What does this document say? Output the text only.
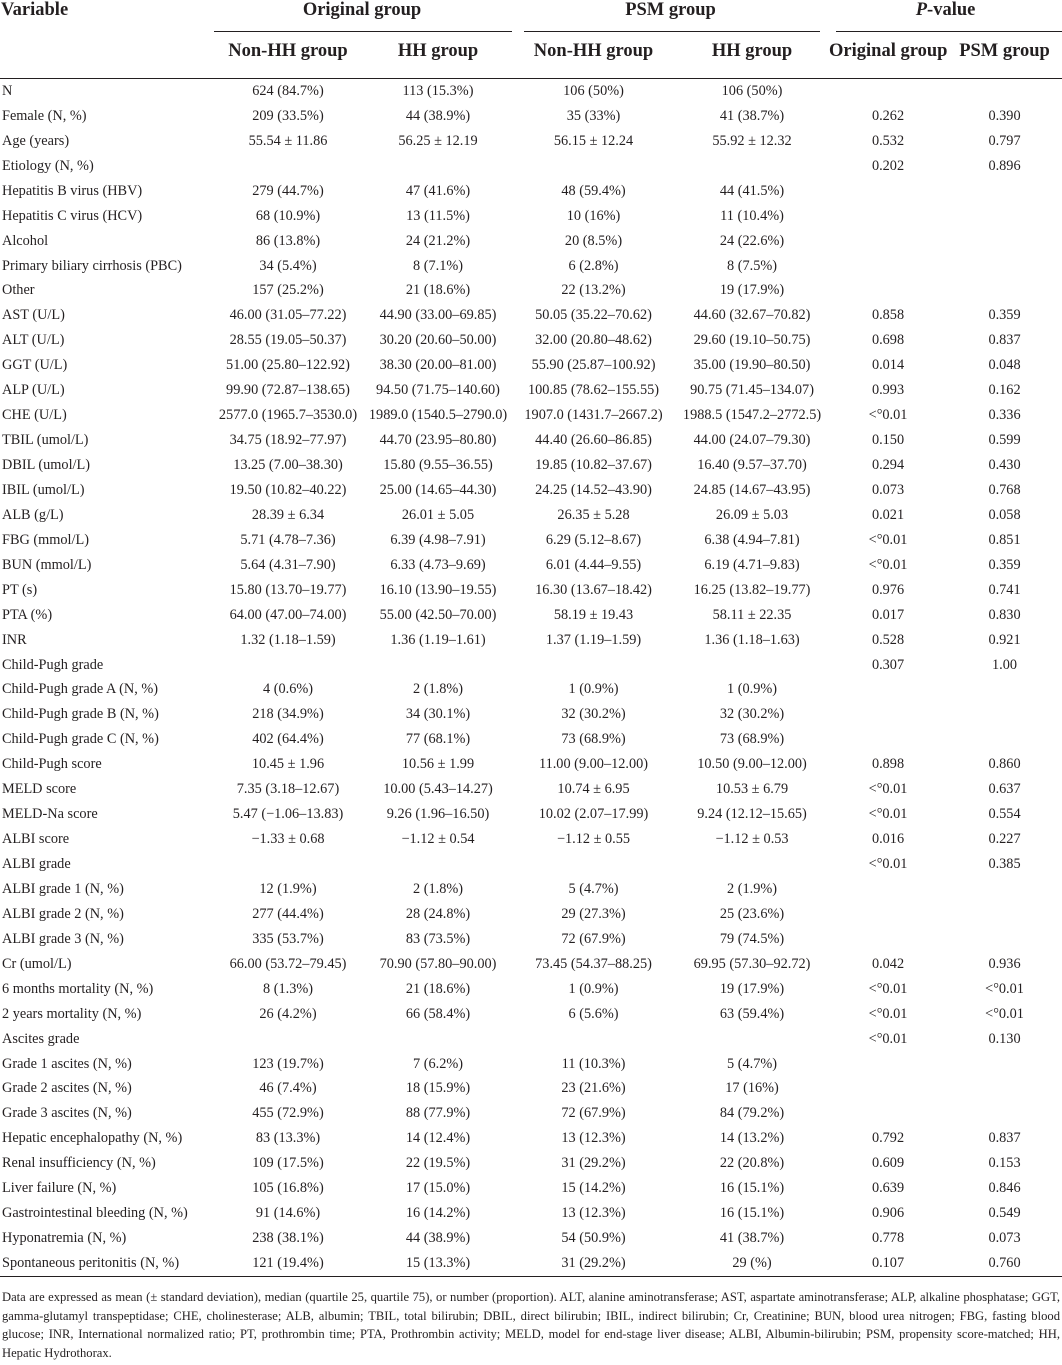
Variable	Original group		PSM group		P-value	
	Non-HH group	HH group	Non-HH group	HH group	Original group	PSM group
N	624 (84.7%)	113 (15.3%)	106 (50%)	106 (50%)		
Female (N, %)	209 (33.5%)	44 (38.9%)	35 (33%)	41 (38.7%)	0.262	0.390
Age (years)	55.54 ± 11.86	56.25 ± 12.19	56.15 ± 12.24	55.92 ± 12.32	0.532	0.797
Etiology (N, %)					0.202	0.896
Hepatitis B virus (HBV)	279 (44.7%)	47 (41.6%)	48 (59.4%)	44 (41.5%)		
Hepatitis C virus (HCV)	68 (10.9%)	13 (11.5%)	10 (16%)	11 (10.4%)		
Alcohol	86 (13.8%)	24 (21.2%)	20 (8.5%)	24 (22.6%)		
Primary biliary cirrhosis (PBC)	34 (5.4%)	8 (7.1%)	6 (2.8%)	8 (7.5%)		
Other	157 (25.2%)	21 (18.6%)	22 (13.2%)	19 (17.9%)		
AST (U/L)	46.00 (31.05–77.22)	44.90 (33.00–69.85)	50.05 (35.22–70.62)	44.60 (32.67–70.82)	0.858	0.359
ALT (U/L)	28.55 (19.05–50.37)	30.20 (20.60–50.00)	32.00 (20.80–48.62)	29.60 (19.10–50.75)	0.698	0.837
GGT (U/L)	51.00 (25.80–122.92)	38.30 (20.00–81.00)	55.90 (25.87–100.92)	35.00 (19.90–80.50)	0.014	0.048
ALP (U/L)	99.90 (72.87–138.65)	94.50 (71.75–140.60)	100.85 (78.62–155.55)	90.75 (71.45–134.07)	0.993	0.162
CHE (U/L)	2577.0 (1965.7–3530.0)	1989.0 (1540.5–2790.0)	1907.0 (1431.7–2667.2)	1988.5 (1547.2–2772.5)	<°0.01	0.336
TBIL (umol/L)	34.75 (18.92–77.97)	44.70 (23.95–80.80)	44.40 (26.60–86.85)	44.00 (24.07–79.30)	0.150	0.599
DBIL (umol/L)	13.25 (7.00–38.30)	15.80 (9.55–36.55)	19.85 (10.82–37.67)	16.40 (9.57–37.70)	0.294	0.430
IBIL (umol/L)	19.50 (10.82–40.22)	25.00 (14.65–44.30)	24.25 (14.52–43.90)	24.85 (14.67–43.95)	0.073	0.768
ALB (g/L)	28.39 ± 6.34	26.01 ± 5.05	26.35 ± 5.28	26.09 ± 5.03	0.021	0.058
FBG (mmol/L)	5.71 (4.78–7.36)	6.39 (4.98–7.91)	6.29 (5.12–8.67)	6.38 (4.94–7.81)	<°0.01	0.851
BUN (mmol/L)	5.64 (4.31–7.90)	6.33 (4.73–9.69)	6.01 (4.44–9.55)	6.19 (4.71–9.83)	<°0.01	0.359
PT (s)	15.80 (13.70–19.77)	16.10 (13.90–19.55)	16.30 (13.67–18.42)	16.25 (13.82–19.77)	0.976	0.741
PTA (%)	64.00 (47.00–74.00)	55.00 (42.50–70.00)	58.19 ± 19.43	58.11 ± 22.35	0.017	0.830
INR	1.32 (1.18–1.59)	1.36 (1.19–1.61)	1.37 (1.19–1.59)	1.36 (1.18–1.63)	0.528	0.921
Child-Pugh grade					0.307	1.00
Child-Pugh grade A (N, %)	4 (0.6%)	2 (1.8%)	1 (0.9%)	1 (0.9%)		
Child-Pugh grade B (N, %)	218 (34.9%)	34 (30.1%)	32 (30.2%)	32 (30.2%)		
Child-Pugh grade C (N, %)	402 (64.4%)	77 (68.1%)	73 (68.9%)	73 (68.9%)		
Child-Pugh score	10.45 ± 1.96	10.56 ± 1.99	11.00 (9.00–12.00)	10.50 (9.00–12.00)	0.898	0.860
MELD score	7.35 (3.18–12.67)	10.00 (5.43–14.27)	10.74 ± 6.95	10.53 ± 6.79	<°0.01	0.637
MELD-Na score	5.47 (−1.06–13.83)	9.26 (1.96–16.50)	10.02 (2.07–17.99)	9.24 (12.12–15.65)	<°0.01	0.554
ALBI score	−1.33 ± 0.68	−1.12 ± 0.54	−1.12 ± 0.55	−1.12 ± 0.53	0.016	0.227
ALBI grade					<°0.01	0.385
ALBI grade 1 (N, %)	12 (1.9%)	2 (1.8%)	5 (4.7%)	2 (1.9%)		
ALBI grade 2 (N, %)	277 (44.4%)	28 (24.8%)	29 (27.3%)	25 (23.6%)		
ALBI grade 3 (N, %)	335 (53.7%)	83 (73.5%)	72 (67.9%)	79 (74.5%)		
Cr (umol/L)	66.00 (53.72–79.45)	70.90 (57.80–90.00)	73.45 (54.37–88.25)	69.95 (57.30–92.72)	0.042	0.936
6 months mortality (N, %)	8 (1.3%)	21 (18.6%)	1 (0.9%)	19 (17.9%)	<°0.01	<°0.01
2 years mortality (N, %)	26 (4.2%)	66 (58.4%)	6 (5.6%)	63 (59.4%)	<°0.01	<°0.01
Ascites grade					<°0.01	0.130
Grade 1 ascites (N, %)	123 (19.7%)	7 (6.2%)	11 (10.3%)	5 (4.7%)		
Grade 2 ascites (N, %)	46 (7.4%)	18 (15.9%)	23 (21.6%)	17 (16%)		
Grade 3 ascites (N, %)	455 (72.9%)	88 (77.9%)	72 (67.9%)	84 (79.2%)		
Hepatic encephalopathy (N, %)	83 (13.3%)	14 (12.4%)	13 (12.3%)	14 (13.2%)	0.792	0.837
Renal insufficiency (N, %)	109 (17.5%)	22 (19.5%)	31 (29.2%)	22 (20.8%)	0.609	0.153
Liver failure (N, %)	105 (16.8%)	17 (15.0%)	15 (14.2%)	16 (15.1%)	0.639	0.846
Gastrointestinal bleeding (N, %)	91 (14.6%)	16 (14.2%)	13 (12.3%)	16 (15.1%)	0.906	0.549
Hyponatremia (N, %)	238 (38.1%)	44 (38.9%)	54 (50.9%)	41 (38.7%)	0.778	0.073
Spontaneous peritonitis (N, %)	121 (19.4%)	15 (13.3%)	31 (29.2%)	29 (%)	0.107	0.760
Data are expressed as mean (± standard deviation), median (quartile 25, quartile 75), or number (proportion). ALT, alanine aminotransferase; AST, aspartate aminotransferase; ALP, alkaline phosphatase; GGT, gamma-glutamyl transpeptidase; CHE, cholinesterase; ALB, albumin; TBIL, total bilirubin; DBIL, direct bilirubin; IBIL, indirect bilirubin; Cr, Creatinine; BUN, blood urea nitrogen; FBG, fasting blood glucose; INR, International normalized ratio; PT, prothrombin time; PTA, Prothrombin activity; MELD, model for end-stage liver disease; ALBI, Albumin-bilirubin; PSM, propensity score-matched; HH, Hepatic Hydrothorax.
